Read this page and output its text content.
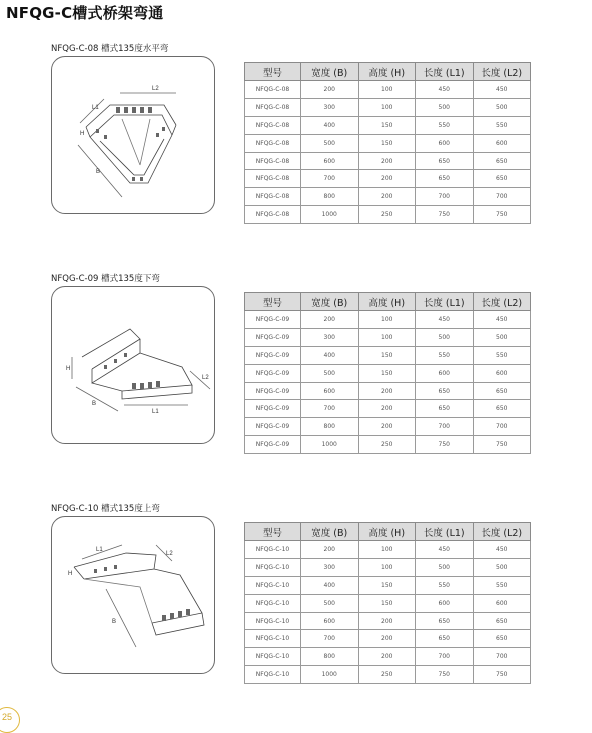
NFQG-C槽式桥架弯通
NFQG-C-08 槽式135度水平弯
L1
L2
B
H
型号	宽度 (B)	高度 (H)	长度 (L1)	长度 (L2)
NFQG-C-08	200	100	450	450
NFQG-C-08	300	100	500	500
NFQG-C-08	400	150	550	550
NFQG-C-08	500	150	600	600
NFQG-C-08	600	200	650	650
NFQG-C-08	700	200	650	650
NFQG-C-08	800	200	700	700
NFQG-C-08	1000	250	750	750
NFQG-C-09 槽式135度下弯
H
B
L1
L2
型号	宽度 (B)	高度 (H)	长度 (L1)	长度 (L2)
NFQG-C-09	200	100	450	450
NFQG-C-09	300	100	500	500
NFQG-C-09	400	150	550	550
NFQG-C-09	500	150	600	600
NFQG-C-09	600	200	650	650
NFQG-C-09	700	200	650	650
NFQG-C-09	800	200	700	700
NFQG-C-09	1000	250	750	750
NFQG-C-10 槽式135度上弯
L1
L2
B
H
型号	宽度 (B)	高度 (H)	长度 (L1)	长度 (L2)
NFQG-C-10	200	100	450	450
NFQG-C-10	300	100	500	500
NFQG-C-10	400	150	550	550
NFQG-C-10	500	150	600	600
NFQG-C-10	600	200	650	650
NFQG-C-10	700	200	650	650
NFQG-C-10	800	200	700	700
NFQG-C-10	1000	250	750	750
25
